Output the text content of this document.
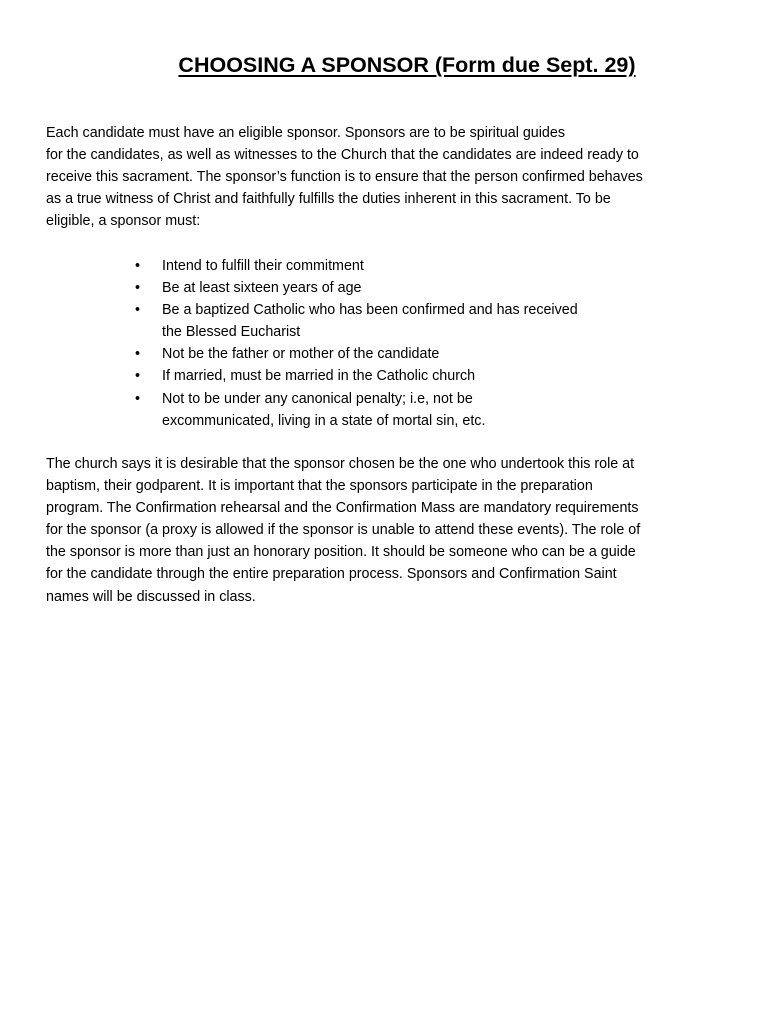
CHOOSING A SPONSOR (Form due Sept. 29)

Each candidate must have an eligible sponsor. Sponsors are to be spiritual guides
for the candidates, as well as witnesses to the Church that the candidates are indeed ready to
receive this sacrament. The sponsor’s function is to ensure that the person confirmed behaves
as a true witness of Christ and faithfully fulfills the duties inherent in this sacrament. To be
eligible, a sponsor must:

• Intend to fulfill their commitment
• Be at least sixteen years of age
• Be a baptized Catholic who has been confirmed and has received
the Blessed Eucharist
• Not be the father or mother of the candidate
• If married, must be married in the Catholic church
• Not to be under any canonical penalty; i.e, not be
excommunicated, living in a state of mortal sin, etc.

The church says it is desirable that the sponsor chosen be the one who undertook this role at
baptism, their godparent. It is important that the sponsors participate in the preparation
program. The Confirmation rehearsal and the Confirmation Mass are mandatory requirements
for the sponsor (a proxy is allowed if the sponsor is unable to attend these events). The role of
the sponsor is more than just an honorary position. It should be someone who can be a guide
for the candidate through the entire preparation process. Sponsors and Confirmation Saint
names will be discussed in class.
